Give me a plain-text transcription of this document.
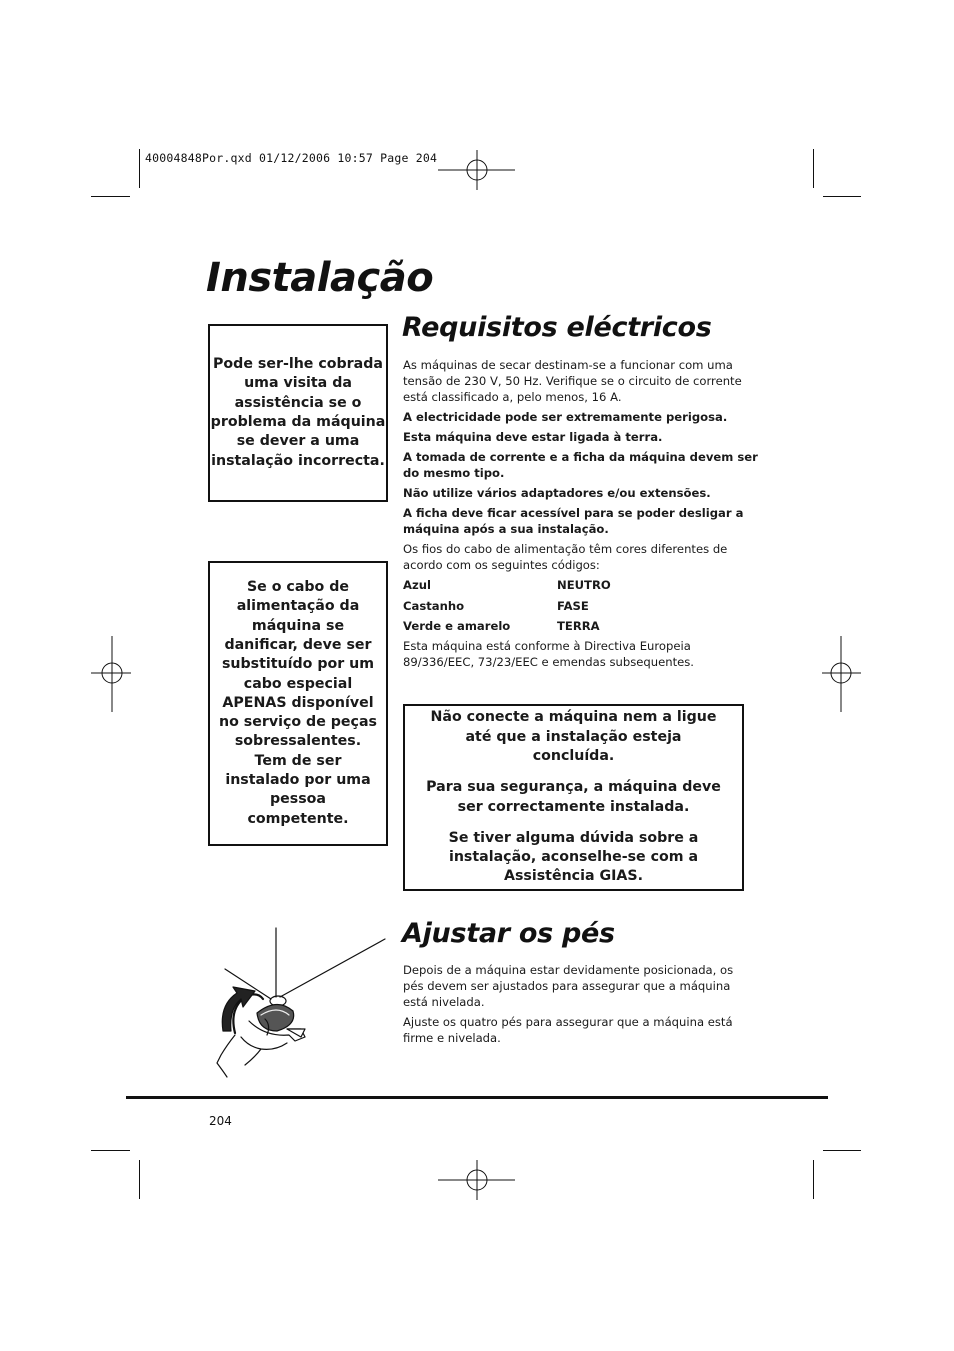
40004848Por.qxd 01/12/2006 10:57 Page 204
Instalação

Pode ser-lhe cobrada uma visita da assistência se o problema da máquina se dever a uma instalação incorrecta.

Se o cabo de alimentação da máquina se danificar, deve ser substituído por um cabo especial APENAS disponível no serviço de peças sobressalentes. Tem de ser instalado por uma pessoa competente.

Requisitos eléctricos

As máquinas de secar destinam-se a funcionar com uma tensão de 230 V, 50 Hz. Verifique se o circuito de corrente está classificado a, pelo menos, 16 A.

A electricidade pode ser extremamente perigosa.

Esta máquina deve estar ligada à terra.

A tomada de corrente e a ficha da máquina devem ser do mesmo tipo.

Não utilize vários adaptadores e/ou extensões.

A ficha deve ficar acessível para se poder desligar a máquina após a sua instalação.

Os fios do cabo de alimentação têm cores diferentes de acordo com os seguintes códigos:

Azul	NEUTRO
Castanho	FASE
Verde e amarelo	TERRA

Esta máquina está conforme à Directiva Europeia 89/336/EEC, 73/23/EEC e emendas subsequentes.

Não conecte a máquina nem a ligue até que a instalação esteja concluída.

Para sua segurança, a máquina deve ser correctamente instalada.

Se tiver alguma dúvida sobre a instalação, aconselhe-se com a Assistência GIAS.

Ajustar os pés

Depois de a máquina estar devidamente posicionada, os pés devem ser ajustados para assegurar que a máquina está nivelada.

Ajuste os quatro pés para assegurar que a máquina está firme e nivelada.

204
